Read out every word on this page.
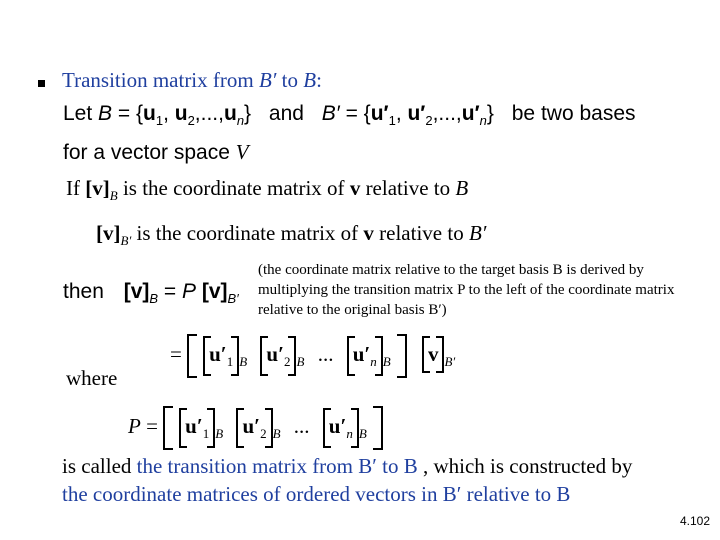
Transition matrix from B′ to B:
Let $B = \{u_1$, $u_2,...,u_n$} and $B' = \{u'_1$, $u'_2,...,u'_n$} be two bases
for a vector space V
If $[v]_B$ is the coordinate matrix of v relative to B
$[v]_{B'}$ is the coordinate matrix of v relative to B′
then $[v]_B = P$ $[v]_{B'}$
(the coordinate matrix relative to the target basis B is derived by multiplying the transition matrix P to the left of the coordinate matrix relative to the original basis B′)
= $u'_1$ $_B$ $u'_2$ $_B$ ... $u'_n$ $_B$ v $_{B'}$
where
$P = u'_1$ $_B$ $u'_2$ $_B$ ... $u'_n$ $_B$
is called the transition matrix from B′ to B , which is constructed by
the coordinate matrices of ordered vectors in B′ relative to B
4.102
